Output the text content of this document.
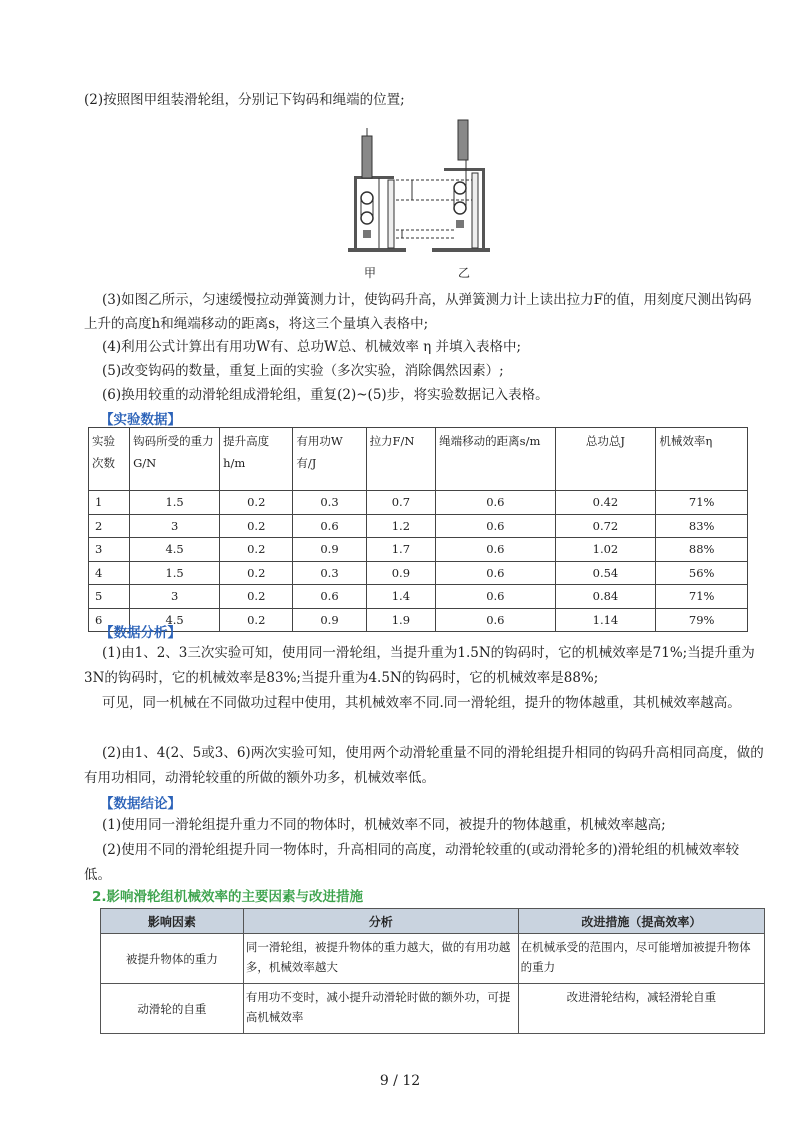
(2)按照图甲组装滑轮组，分别记下钩码和绳端的位置;
甲	乙
(3)如图乙所示，匀速缓慢拉动弹簧测力计，使钩码升高，从弹簧测力计上读出拉力F的值，用刻度尺测出钩码上升的高度h和绳端移动的距离s，将这三个量填入表格中;
(4)利用公式计算出有用功W有、总功W总、机械效率 η 并填入表格中;
(5)改变钩码的数量，重复上面的实验（多次实验，消除偶然因素）;
(6)换用较重的动滑轮组成滑轮组，重复(2)~(5)步，将实验数据记入表格。
【实验数据】
实验次数	钩码所受的重力G/N	提升高度h/m	有用功W有/J	拉力F/N	绳端移动的距离s/m	总功总J	机械效率η
1	1.5	0.2	0.3	0.7	0.6	0.42	71%
2	3	0.2	0.6	1.2	0.6	0.72	83%
3	4.5	0.2	0.9	1.7	0.6	1.02	88%
4	1.5	0.2	0.3	0.9	0.6	0.54	56%
5	3	0.2	0.6	1.4	0.6	0.84	71%
6	4.5	0.2	0.9	1.9	0.6	1.14	79%
【数据分析】
(1)由1、2、3三次实验可知，使用同一滑轮组，当提升重为1.5N的钩码时，它的机械效率是71%;当提升重为3N的钩码时，它的机械效率是83%;当提升重为4.5N的钩码时，它的机械效率是88%;
可见，同一机械在不同做功过程中使用，其机械效率不同.同一滑轮组，提升的物体越重，其机械效率越高。
(2)由1、4(2、5或3、6)两次实验可知，使用两个动滑轮重量不同的滑轮组提升相同的钩码升高相同高度，做的有用功相同，动滑轮较重的所做的额外功多，机械效率低。
【数据结论】
(1)使用同一滑轮组提升重力不同的物体时，机械效率不同，被提升的物体越重，机械效率越高;
(2)使用不同的滑轮组提升同一物体时，升高相同的高度，动滑轮较重的(或动滑轮多的)滑轮组的机械效率较低。
2.影响滑轮组机械效率的主要因素与改进措施
影响因素	分析	改进措施（提高效率）
被提升物体的重力	同一滑轮组，被提升物体的重力越大，做的有用功越多，机械效率越大	在机械承受的范围内，尽可能增加被提升物体的重力
动滑轮的自重	有用功不变时，减小提升动滑轮时做的额外功，可提高机械效率	改进滑轮结构，减轻滑轮自重
9 / 12
